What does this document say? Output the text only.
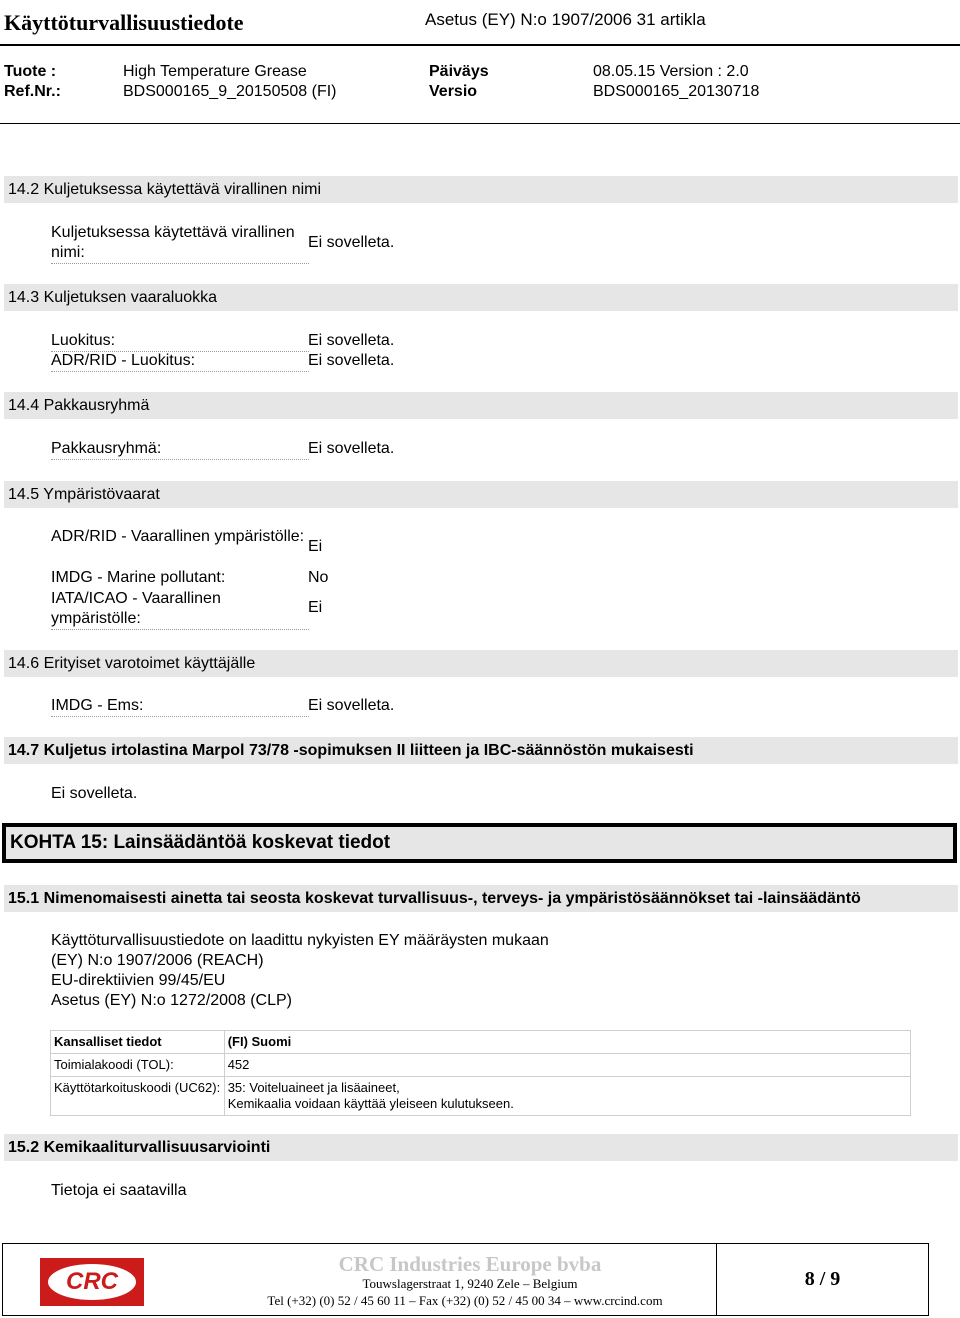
Käyttöturvallisuustiedote	Asetus (EY) N:o 1907/2006 31 artikla
Tuote :	High Temperature Grease	Päiväys	08.05.15 Version : 2.0
Ref.Nr.:	BDS000165_9_20150508 (FI)	Versio	BDS000165_20130718
14.2 Kuljetuksessa käytettävä virallinen nimi
Kuljetuksessa käytettävä virallinen nimi:
Ei sovelleta.
14.3 Kuljetuksen vaaraluokka
Luokitus:	Ei sovelleta.
ADR/RID - Luokitus:	Ei sovelleta.
14.4 Pakkausryhmä
Pakkausryhmä:	Ei sovelleta.
14.5 Ympäristövaarat
ADR/RID - Vaarallinen ympäristölle:
Ei
IMDG - Marine pollutant:	No
IATA/ICAO - Vaarallinen ympäristölle:
Ei
14.6 Erityiset varotoimet käyttäjälle
IMDG - Ems:	Ei sovelleta.
14.7 Kuljetus irtolastina Marpol 73/78 -sopimuksen II liitteen ja IBC-säännöstön mukaisesti
Ei sovelleta.
KOHTA 15: Lainsäädäntöä koskevat tiedot
15.1 Nimenomaisesti ainetta tai seosta koskevat turvallisuus-, terveys- ja ympäristösäännökset tai -lainsäädäntö
Käyttöturvallisuustiedote on laadittu nykyisten EY määräysten mukaan
(EY) N:o 1907/2006 (REACH)
EU-direktiivien 99/45/EU
Asetus (EY) N:o 1272/2008 (CLP)
Kansalliset tiedot	(FI) Suomi
Toimialakoodi (TOL):	452
Käyttötarkoituskoodi (UC62):	35: Voiteluaineet ja lisäaineet,
Kemikaalia voidaan käyttää yleiseen kulutukseen.
15.2 Kemikaaliturvallisuusarviointi
Tietoja ei saatavilla
CRC
CRC Industries Europe bvba
Touwslagerstraat 1, 9240 Zele – Belgium
Tel (+32) (0) 52 / 45 60 11 – Fax (+32) (0) 52 / 45 00 34 – www.crcind.com
8 / 9
